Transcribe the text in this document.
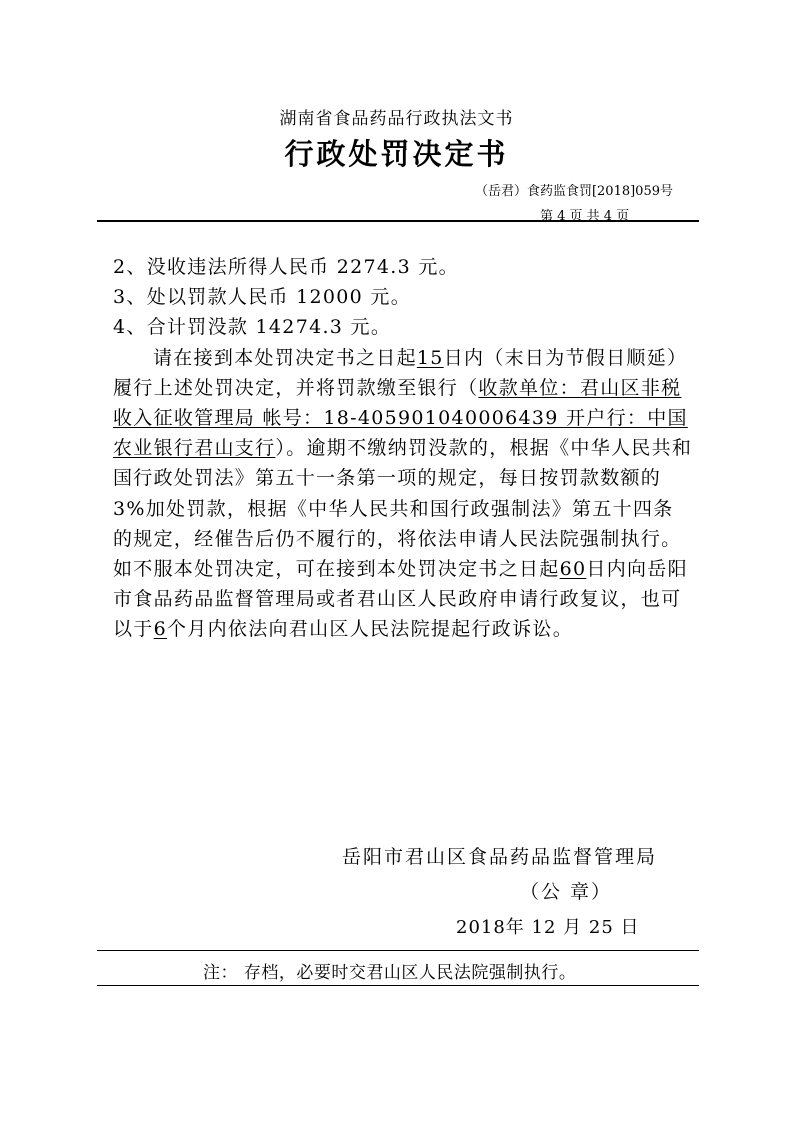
湖南省食品药品行政执法文书
行政处罚决定书
（岳君）食药监食罚[2018]059号
第 4 页 共 4 页

2、没收违法所得人民币 2274.3 元。

3、处以罚款人民币 12000 元。

4、合计罚没款 14274.3 元。

请在接到本处罚决定书之日起15日内（末日为节假日顺延）履行上述处罚决定，并将罚款缴至银行（收款单位：君山区非税收入征收管理局 帐号：18-405901040006439 开户行：中国农业银行君山支行）。逾期不缴纳罚没款的，根据《中华人民共和国行政处罚法》第五十一条第一项的规定，每日按罚款数额的 3%加处罚款，根据《中华人民共和国行政强制法》第五十四条的规定，经催告后仍不履行的，将依法申请人民法院强制执行。如不服本处罚决定，可在接到本处罚决定书之日起60日内向岳阳市食品药品监督管理局或者君山区人民政府申请行政复议，也可以于6个月内依法向君山区人民法院提起行政诉讼。

岳阳市君山区食品药品监督管理局
（公 章）
2018年 12 月 25 日
注： 存档，必要时交君山区人民法院强制执行。
